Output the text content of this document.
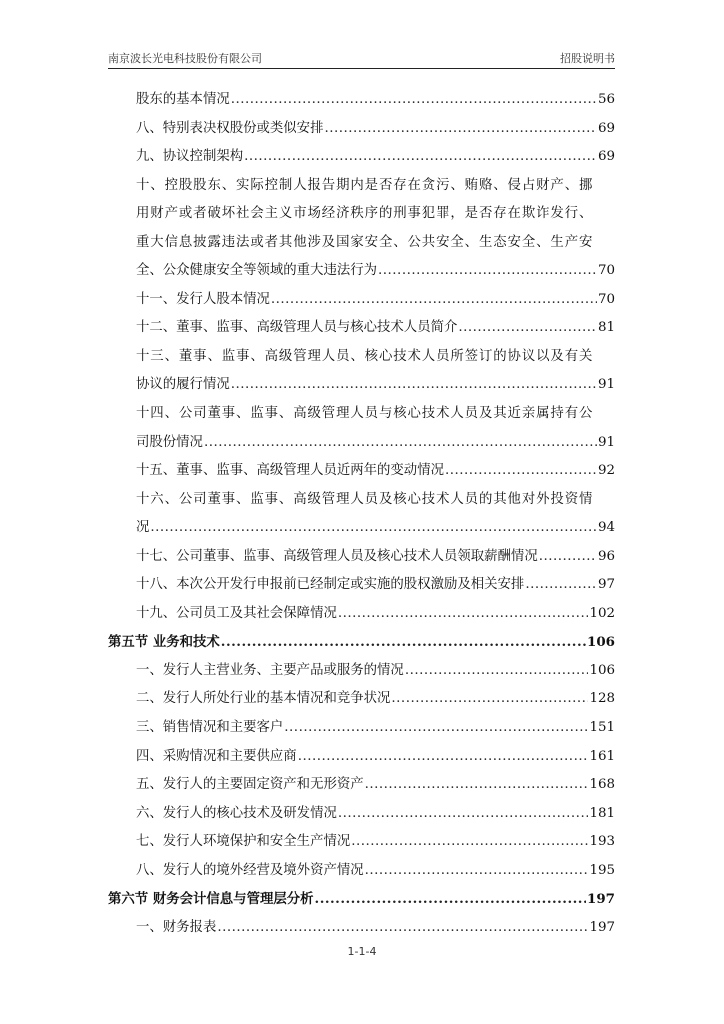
南京波长光电科技股份有限公司	招股说明书
股东的基本情况 .....	56
八、特别表决权股份或类似安排 .....	69
九、协议控制架构 .....	69
十、控股股东、实际控制人报告期内是否存在贪污、贿赂、侵占财产、挪
用财产或者破坏社会主义市场经济秩序的刑事犯罪，是否存在欺诈发行、
重大信息披露违法或者其他涉及国家安全、公共安全、生态安全、生产安
全、公众健康安全等领域的重大违法行为 .....	70
十一、发行人股本情况 .....	70
十二、董事、监事、高级管理人员与核心技术人员简介 .....	81
十三、董事、监事、高级管理人员、核心技术人员所签订的协议以及有关
协议的履行情况 .....	91
十四、公司董事、监事、高级管理人员与核心技术人员及其近亲属持有公
司股份情况 .....	91
十五、董事、监事、高级管理人员近两年的变动情况 .....	92
十六、公司董事、监事、高级管理人员及核心技术人员的其他对外投资情
况 .....	94
十七、公司董事、监事、高级管理人员及核心技术人员领取薪酬情况 .....	96
十八、本次公开发行申报前已经制定或实施的股权激励及相关安排 .....	97
十九、公司员工及其社会保障情况 .....	102
第五节 业务和技术 .....	106
一、发行人主营业务、主要产品或服务的情况 .....	106
二、发行人所处行业的基本情况和竞争状况 .....	128
三、销售情况和主要客户 .....	151
四、采购情况和主要供应商 .....	161
五、发行人的主要固定资产和无形资产 .....	168
六、发行人的核心技术及研发情况 .....	181
七、发行人环境保护和安全生产情况 .....	193
八、发行人的境外经营及境外资产情况 .....	195
第六节 财务会计信息与管理层分析 .....	197
一、财务报表 .....	197
1-1-4
